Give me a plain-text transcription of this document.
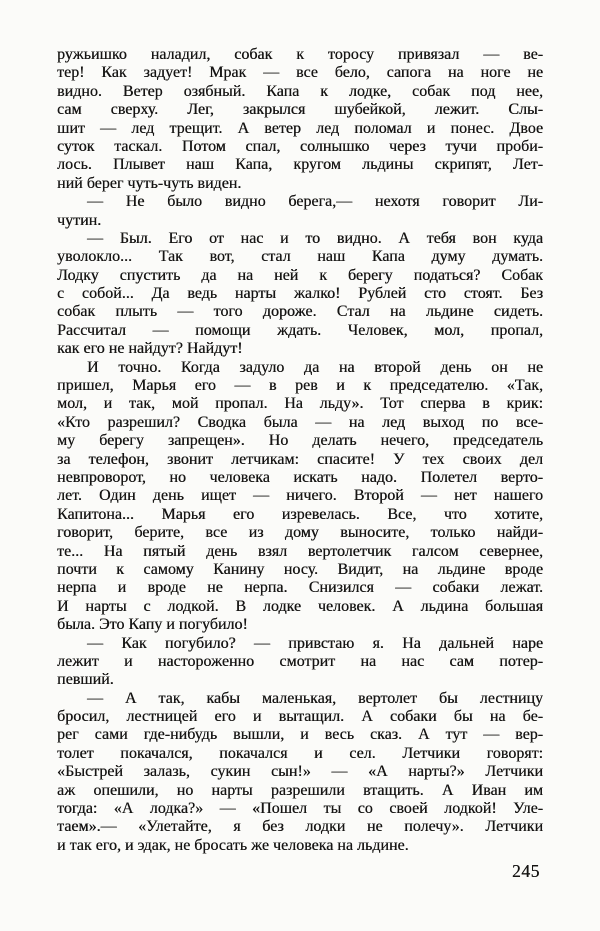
ружьишко наладил, собак к торосу привязал — ве-
тер! Как задует! Мрак — все бело, сапога на ноге не
видно. Ветер озябный. Капа к лодке, собак под нее,
сам сверху. Лег, закрылся шубейкой, лежит. Слы-
шит — лед трещит. А ветер лед поломал и понес. Двое
суток таскал. Потом спал, солнышко через тучи проби-
лось. Плывет наш Капа, кругом льдины скрипят, Лет-
ний берег чуть-чуть виден.
— Не было видно берега,— нехотя говорит Ли-
чутин.
— Был. Его от нас и то видно. А тебя вон куда
уволокло... Так вот, стал наш Капа думу думать.
Лодку спустить да на ней к берегу податься? Собак
с собой... Да ведь нарты жалко! Рублей сто стоят. Без
собак плыть — того дороже. Стал на льдине сидеть.
Рассчитал — помощи ждать. Человек, мол, пропал,
как его не найдут? Найдут!
И точно. Когда задуло да на второй день он не
пришел, Марья его — в рев и к председателю. «Так,
мол, и так, мой пропал. На льду». Тот сперва в крик:
«Кто разрешил? Сводка была — на лед выход по все-
му берегу запрещен». Но делать нечего, председатель
за телефон, звонит летчикам: спасите! У тех своих дел
невпроворот, но человека искать надо. Полетел верто-
лет. Один день ищет — ничего. Второй — нет нашего
Капитона... Марья его изревелась. Все, что хотите,
говорит, берите, все из дому выносите, только найди-
те... На пятый день взял вертолетчик галсом севернее,
почти к самому Канину носу. Видит, на льдине вроде
нерпа и вроде не нерпа. Снизился — собаки лежат.
И нарты с лодкой. В лодке человек. А льдина большая
была. Это Капу и погубило!
— Как погубило? — привстаю я. На дальней наре
лежит и настороженно смотрит на нас сам потер-
певший.
— А так, кабы маленькая, вертолет бы лестницу
бросил, лестницей его и вытащил. А собаки бы на бе-
рег сами где-нибудь вышли, и весь сказ. А тут — вер-
толет покачался, покачался и сел. Летчики говорят:
«Быстрей залазь, сукин сын!» — «А нарты?» Летчики
аж опешили, но нарты разрешили втащить. А Иван им
тогда: «А лодка?» — «Пошел ты со своей лодкой! Уле-
таем».— «Улетайте, я без лодки не полечу». Летчики
и так его, и эдак, не бросать же человека на льдине.
245
